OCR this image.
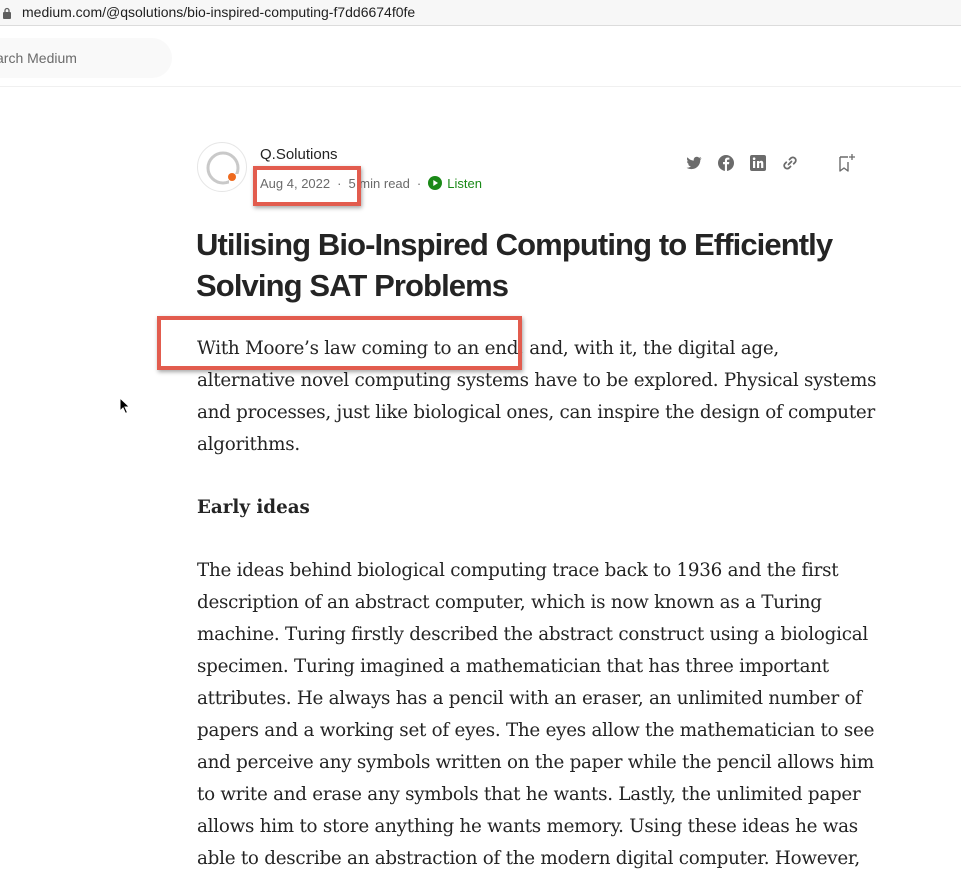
medium.com/@qsolutions/bio-inspired-computing-f7dd6674f0fe
arch Medium
Q.Solutions
Aug 4, 2022 · 5 min read · Listen
Utilising Bio-Inspired Computing to Efficiently Solving SAT Problems

With Moore’s law coming to an end, and, with it, the digital age, alternative novel computing systems have to be explored. Physical systems and processes, just like biological ones, can inspire the design of computer algorithms.

Early ideas

The ideas behind biological computing trace back to 1936 and the first description of an abstract computer, which is now known as a Turing machine. Turing firstly described the abstract construct using a biological specimen. Turing imagined a mathematician that has three important attributes. He always has a pencil with an eraser, an unlimited number of papers and a working set of eyes. The eyes allow the mathematician to see and perceive any symbols written on the paper while the pencil allows him to write and erase any symbols that he wants. Lastly, the unlimited paper allows him to store anything he wants memory. Using these ideas he was able to describe an abstraction of the modern digital computer. However,
